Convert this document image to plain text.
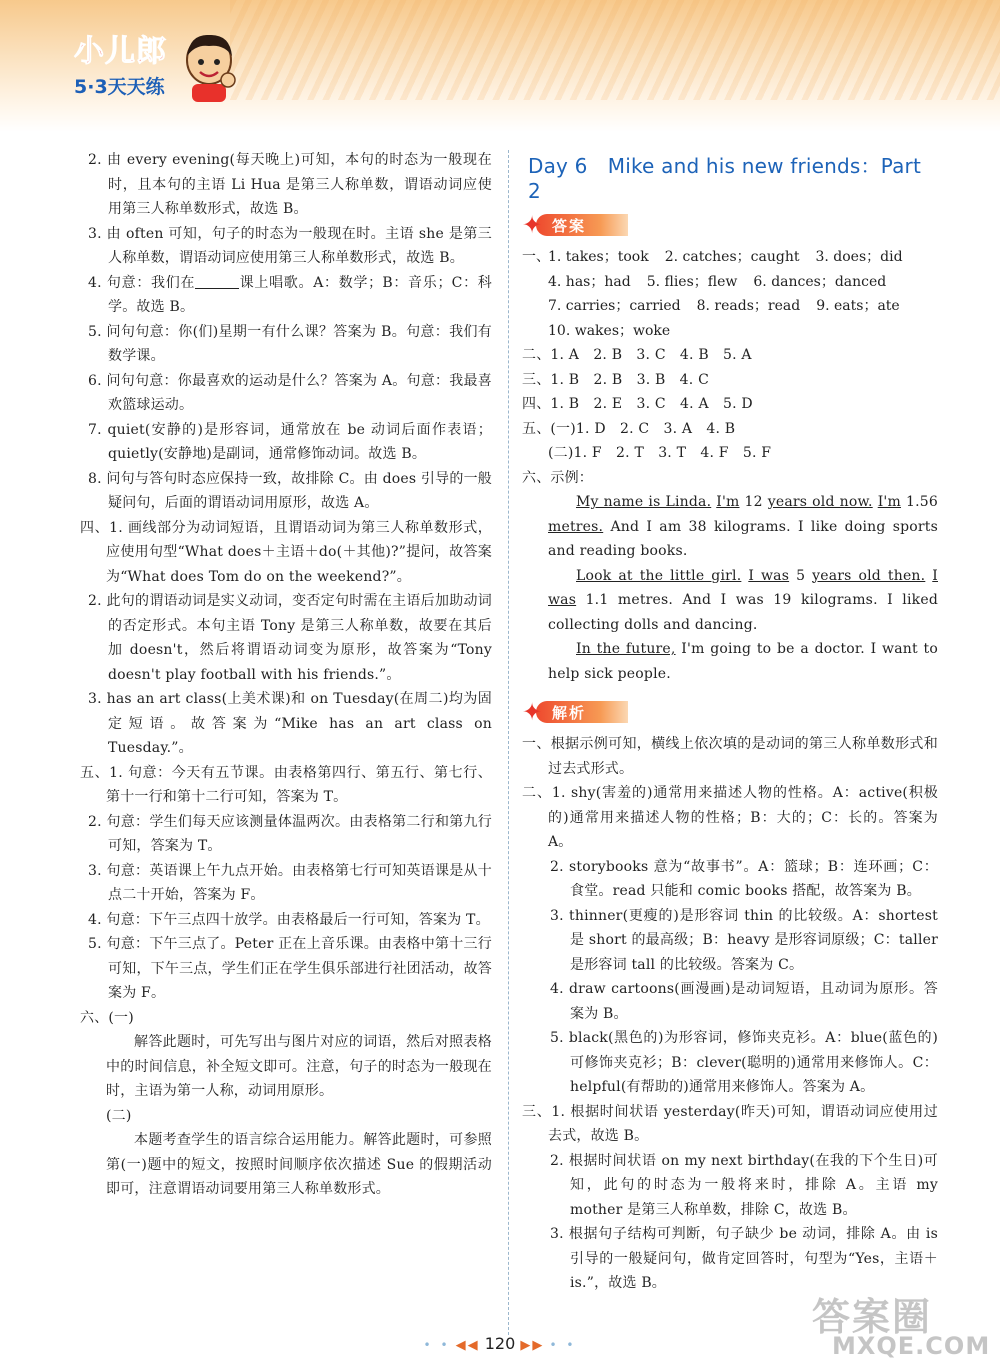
小儿郎
5·3天天练

2. 由 every evening(每天晚上)可知，本句的时态为一般现在时，且本句的主语 Li Hua 是第三人称单数，谓语动词应使用第三人称单数形式，故选 B。

3. 由 often 可知，句子的时态为一般现在时。主语 she 是第三人称单数，谓语动词应使用第三人称单数形式，故选 B。

4. 句意：我们在	课上唱歌。A：数学；B：音乐；C：科学。故选 B。

5. 问句句意：你(们)星期一有什么课？答案为 B。句意：我们有数学课。

6. 问句句意：你最喜欢的运动是什么？答案为 A。句意：我最喜欢篮球运动。

7. quiet(安静的)是形容词，通常放在 be 动词后面作表语；quietly(安静地)是副词，通常修饰动词。故选 B。

8. 问句与答句时态应保持一致，故排除 C。由 does 引导的一般疑问句，后面的谓语动词用原形，故选 A。

四、1. 画线部分为动词短语，且谓语动词为第三人称单数形式，应使用句型“What does＋主语＋do(＋其他)?”提问，故答案为“What does Tom do on the weekend?”。

2. 此句的谓语动词是实义动词，变否定句时需在主语后加助动词的否定形式。本句主语 Tony 是第三人称单数，故要在其后加 doesn't，然后将谓语动词变为原形，故答案为“Tony doesn't play football with his friends.”。

3. has an art class(上美术课)和 on Tuesday(在周二)均为固定短语。故答案为“Mike has an art class on Tuesday.”。

五、1. 句意：今天有五节课。由表格第四行、第五行、第七行、第十一行和第十二行可知，答案为 T。

2. 句意：学生们每天应该测量体温两次。由表格第二行和第九行可知，答案为 T。

3. 句意：英语课上午九点开始。由表格第七行可知英语课是从十点二十开始，答案为 F。

4. 句意：下午三点四十放学。由表格最后一行可知，答案为 T。

5. 句意：下午三点了。Peter 正在上音乐课。由表格中第十三行可知，下午三点，学生们正在学生俱乐部进行社团活动，故答案为 F。

六、(一)

解答此题时，可先写出与图片对应的词语，然后对照表格中的时间信息，补全短文即可。注意，句子的时态为一般现在时，主语为第一人称，动词用原形。

(二)

本题考查学生的语言综合运用能力。解答此题时，可参照第(一)题中的短文，按照时间顺序依次描述 Sue 的假期活动即可，注意谓语动词要用第三人称单数形式。

Day 6　Mike and his new friends：Part 2
✦ 答案
一、
1. takes；took 2. catches；caught 3. does；did
4. has；had 5. flies；flew 6. dances；danced
7. carries；carried 8. reads；read 9. eats；ate
10. wakes；woke

二、1. A　2. B　3. C　4. B　5. A

三、1. B　2. B　3. B　4. C

四、1. B　2. E　3. C　4. A　5. D

五、(一)1. D　2. C　3. A　4. B

(二)1. F　2. T　3. T　4. F　5. F

六、示例：

My name is Linda. I'm 12 years old now. I'm 1.56 metres. And I am 38 kilograms. I like doing sports and reading books.

Look at the little girl. I was 5 years old then. I was 1.1 metres. And I was 19 kilograms. I liked collecting dolls and dancing.

In the future, I'm going to be a doctor. I want to help sick people.

✦ 解析

一、根据示例可知，横线上依次填的是动词的第三人称单数形式和过去式形式。

二、1. shy(害羞的)通常用来描述人物的性格。A：active(积极的)通常用来描述人物的性格；B：大的；C：长的。答案为 A。

2. storybooks 意为“故事书”。A：篮球；B：连环画；C：食堂。read 只能和 comic books 搭配，故答案为 B。

3. thinner(更瘦的)是形容词 thin 的比较级。A：shortest 是 short 的最高级；B：heavy 是形容词原级；C：taller 是形容词 tall 的比较级。答案为 C。

4. draw cartoons(画漫画)是动词短语，且动词为原形。答案为 B。

5. black(黑色的)为形容词，修饰夹克衫。A：blue(蓝色的)可修饰夹克衫；B：clever(聪明的)通常用来修饰人。C：helpful(有帮助的)通常用来修饰人。答案为 A。

三、1. 根据时间状语 yesterday(昨天)可知，谓语动词应使用过去式，故选 B。

2. 根据时间状语 on my next birthday(在我的下个生日)可知，此句的时态为一般将来时，排除 A。主语 my mother 是第三人称单数，排除 C，故选 B。

3. 根据句子结构可判断，句子缺少 be 动词，排除 A。由 is 引导的一般疑问句，做肯定回答时，句型为“Yes，主语＋is.”，故选 B。

• • ◀◀ 120 ▶▶ • •
答案圈
MXQE.COM
